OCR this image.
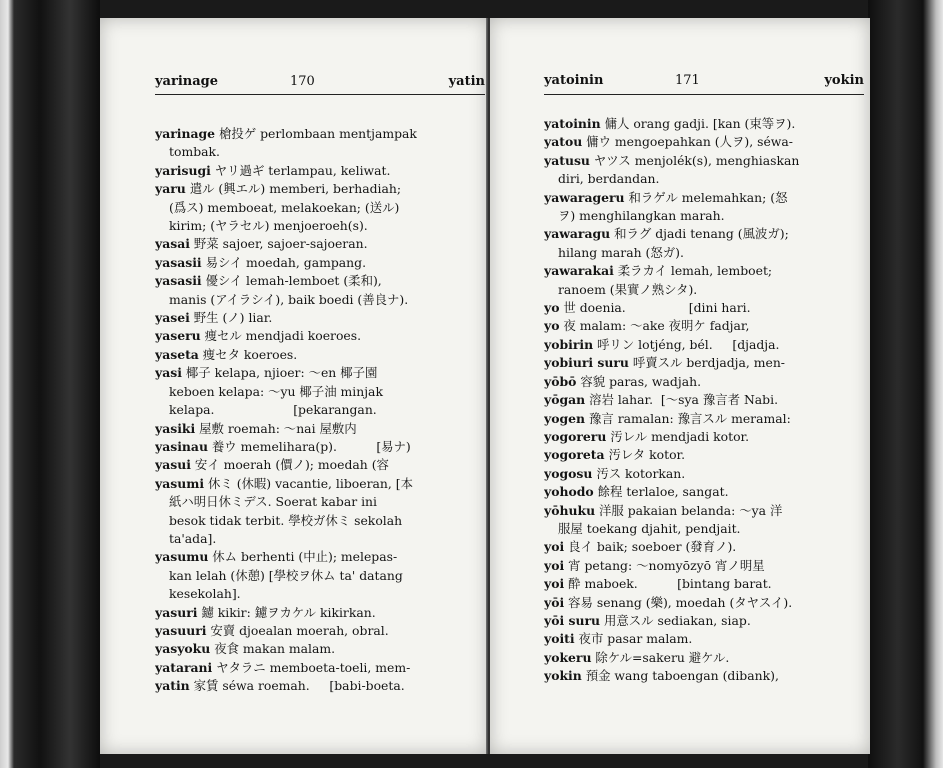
yarinage	170	yatin
yarinage 槍投ゲ perlombaan mentjampak
tombak.
yarisugi ヤリ過ギ terlampau, keliwat.
yaru 遣ル (興エル) memberi, berhadiah;
(爲ス) memboeat, melakoekan; (送ル)
kirim; (ヤラセル) menjoeroeh(s).
yasai 野菜 sajoer, sajoer-sajoeran.
yasasii 易シイ moedah, gampang.
yasasii 優シイ lemah-lemboet (柔和),
manis (アイラシイ), baik boedi (善良ナ).
yasei 野生 (ノ) liar.
yaseru 痩セル mendjadi koeroes.
yaseta 痩セタ koeroes.
yasi 椰子 kelapa, njioer: ～en 椰子園
keboen kelapa: ～yu 椰子油 minjak
kelapa.                    [pekarangan.
yasiki 屋敷 roemah: ～nai 屋敷内
yasinau 養ウ memelihara(p).          [易ナ)
yasui 安イ moerah (價ノ); moedah (容
yasumi 休ミ (休暇) vacantie, liboeran, [本
紙ハ明日休ミデス. Soerat kabar ini
besok tidak terbit. 學校ガ休ミ sekolah
ta'ada].
yasumu 休ム berhenti (中止); melepas-
kan lelah (休憩) [學校ヲ休ム ta' datang
kesekolah].
yasuri 鑢 kikir: 鑢ヲカケル kikirkan.
yasuuri 安賣 djoealan moerah, obral.
yasyoku 夜食 makan malam.
yatarani ヤタラニ memboeta-toeli, mem-
yatin 家賃 séwa roemah.     [babi-boeta.
yatoinin	171	yokin
yatoinin 傭人 orang gadji. [kan (束等ヲ).
yatou 傭ウ mengoepahkan (人ヲ), séwa-
yatusu ヤツス menjolék(s), menghiaskan
diri, berdandan.
yawarageru 和ラゲル melemahkan; (怒
ヲ) menghilangkan marah.
yawaragu 和ラグ djadi tenang (風波ガ);
hilang marah (怒ガ).
yawarakai 柔ラカイ lemah, lemboet;
ranoem (果實ノ熟シタ).
yo 世 doenia.                [dini hari.
yo 夜 malam: ～ake 夜明ケ fadjar,
yobirin 呼リン lotjéng, bél.     [djadja.
yobiuri suru 呼賣スル berdjadja, men-
yōbō 容貌 paras, wadjah.
yōgan 溶岩 lahar.  [～sya 豫言者 Nabi.
yogen 豫言 ramalan: 豫言スル meramal:
yogoreru 汚レル mendjadi kotor.
yogoreta 汚レタ kotor.
yogosu 汚ス kotorkan.
yohodo 餘程 terlaloe, sangat.
yōhuku 洋服 pakaian belanda: ～ya 洋
服屋 toekang djahit, pendjait.
yoi 良イ baik; soeboer (發育ノ).
yoi 宵 petang: ～nomyōzyō 宵ノ明星
yoi 酔 maboek.          [bintang barat.
yōi 容易 senang (樂), moedah (タヤスイ).
yōi suru 用意スル sediakan, siap.
yoiti 夜市 pasar malam.
yokeru 除ケル=sakeru 避ケル.
yokin 預金 wang taboengan (dibank),
